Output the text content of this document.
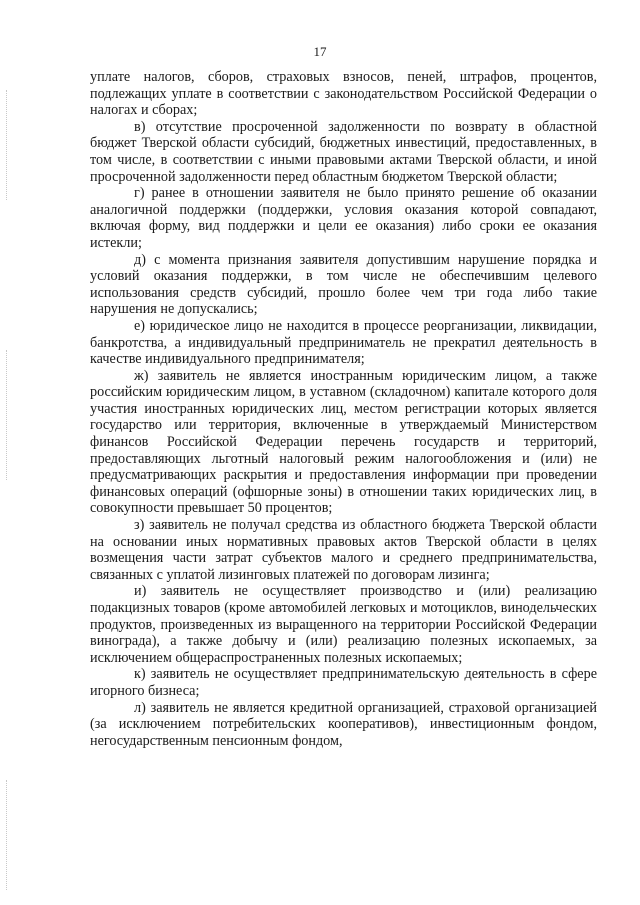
17

уплате налогов, сборов, страховых взносов, пеней, штрафов, процентов, подлежащих уплате в соответствии с законодательством Российской Федерации о налогах и сборах;

в) отсутствие просроченной задолженности по возврату в областной бюджет Тверской области субсидий, бюджетных инвестиций, предоставленных, в том числе, в соответствии с иными правовыми актами Тверской области, и иной просроченной задолженности перед областным бюджетом Тверской области;

г) ранее в отношении заявителя не было принято решение об оказании аналогичной поддержки (поддержки, условия оказания которой совпадают, включая форму, вид поддержки и цели ее оказания) либо сроки ее оказания истекли;

д) с момента признания заявителя допустившим нарушение порядка и условий оказания поддержки, в том числе не обеспечившим целевого использования средств субсидий, прошло более чем три года либо такие нарушения не допускались;

е) юридическое лицо не находится в процессе реорганизации, ликвидации, банкротства, а индивидуальный предприниматель не прекратил деятельность в качестве индивидуального предпринимателя;

ж) заявитель не является иностранным юридическим лицом, а также российским юридическим лицом, в уставном (складочном) капитале которого доля участия иностранных юридических лиц, местом регистрации которых является государство или территория, включенные в утверждаемый Министерством финансов Российской Федерации перечень государств и территорий, предоставляющих льготный налоговый режим налогообложения и (или) не предусматривающих раскрытия и предоставления информации при проведении финансовых операций (офшорные зоны) в отношении таких юридических лиц, в совокупности превышает 50 процентов;

з) заявитель не получал средства из областного бюджета Тверской области на основании иных нормативных правовых актов Тверской области в целях возмещения части затрат субъектов малого и среднего предпринимательства, связанных с уплатой лизинговых платежей по договорам лизинга;

и) заявитель не осуществляет производство и (или) реализацию подакцизных товаров (кроме автомобилей легковых и мотоциклов, винодельческих продуктов, произведенных из выращенного на территории Российской Федерации винограда), а также добычу и (или) реализацию полезных ископаемых, за исключением общераспространенных полезных ископаемых;

к) заявитель не осуществляет предпринимательскую деятельность в сфере игорного бизнеса;

л) заявитель не является кредитной организацией, страховой организацией (за исключением потребительских кооперативов), инвестиционным фондом, негосударственным пенсионным фондом,
